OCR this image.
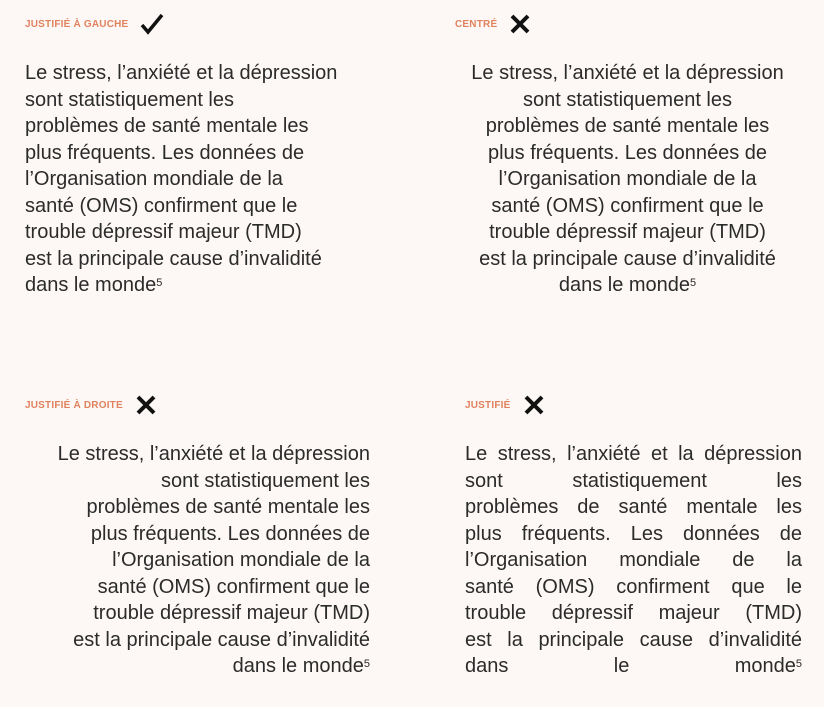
JUSTIFIÉ À GAUCHE
Le stress, l’anxiété et la dépression
sont statistiquement les
problèmes de santé mentale les
plus fréquents. Les données de
l’Organisation mondiale de la
santé (OMS) confirment que le
trouble dépressif majeur (TMD)
est la principale cause d’invalidité
dans le monde$^5$
CENTRÉ
Le stress, l’anxiété et la dépression
sont statistiquement les
problèmes de santé mentale les
plus fréquents. Les données de
l’Organisation mondiale de la
santé (OMS) confirment que le
trouble dépressif majeur (TMD)
est la principale cause d’invalidité
dans le monde$^5$
JUSTIFIÉ À DROITE
Le stress, l’anxiété et la dépression
sont statistiquement les
problèmes de santé mentale les
plus fréquents. Les données de
l’Organisation mondiale de la
santé (OMS) confirment que le
trouble dépressif majeur (TMD)
est la principale cause d’invalidité
dans le monde$^5$
JUSTIFIÉ
Le stress, l’anxiété et la dépression
sont statistiquement les
problèmes de santé mentale les
plus fréquents. Les données de
l’Organisation mondiale de la
santé (OMS) confirment que le
trouble dépressif majeur (TMD)
est la principale cause d’invalidité
dans le monde$^5$
